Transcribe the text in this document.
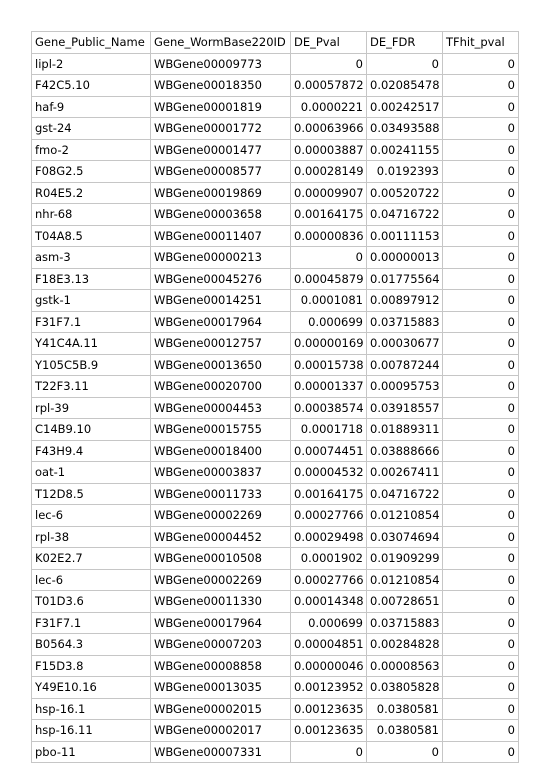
Gene_Public_Name	Gene_WormBase220ID	DE_Pval	DE_FDR	TFhit_pval
lipl-2	WBGene00009773	0	0	0
F42C5.10	WBGene00018350	0.00057872	0.02085478	0
haf-9	WBGene00001819	0.0000221	0.00242517	0
gst-24	WBGene00001772	0.00063966	0.03493588	0
fmo-2	WBGene00001477	0.00003887	0.00241155	0
F08G2.5	WBGene00008577	0.00028149	0.0192393	0
R04E5.2	WBGene00019869	0.00009907	0.00520722	0
nhr-68	WBGene00003658	0.00164175	0.04716722	0
T04A8.5	WBGene00011407	0.00000836	0.00111153	0
asm-3	WBGene00000213	0	0.00000013	0
F18E3.13	WBGene00045276	0.00045879	0.01775564	0
gstk-1	WBGene00014251	0.0001081	0.00897912	0
F31F7.1	WBGene00017964	0.000699	0.03715883	0
Y41C4A.11	WBGene00012757	0.00000169	0.00030677	0
Y105C5B.9	WBGene00013650	0.00015738	0.00787244	0
T22F3.11	WBGene00020700	0.00001337	0.00095753	0
rpl-39	WBGene00004453	0.00038574	0.03918557	0
C14B9.10	WBGene00015755	0.0001718	0.01889311	0
F43H9.4	WBGene00018400	0.00074451	0.03888666	0
oat-1	WBGene00003837	0.00004532	0.00267411	0
T12D8.5	WBGene00011733	0.00164175	0.04716722	0
lec-6	WBGene00002269	0.00027766	0.01210854	0
rpl-38	WBGene00004452	0.00029498	0.03074694	0
K02E2.7	WBGene00010508	0.0001902	0.01909299	0
lec-6	WBGene00002269	0.00027766	0.01210854	0
T01D3.6	WBGene00011330	0.00014348	0.00728651	0
F31F7.1	WBGene00017964	0.000699	0.03715883	0
B0564.3	WBGene00007203	0.00004851	0.00284828	0
F15D3.8	WBGene00008858	0.00000046	0.00008563	0
Y49E10.16	WBGene00013035	0.00123952	0.03805828	0
hsp-16.1	WBGene00002015	0.00123635	0.0380581	0
hsp-16.11	WBGene00002017	0.00123635	0.0380581	0
pbo-11	WBGene00007331	0	0	0
